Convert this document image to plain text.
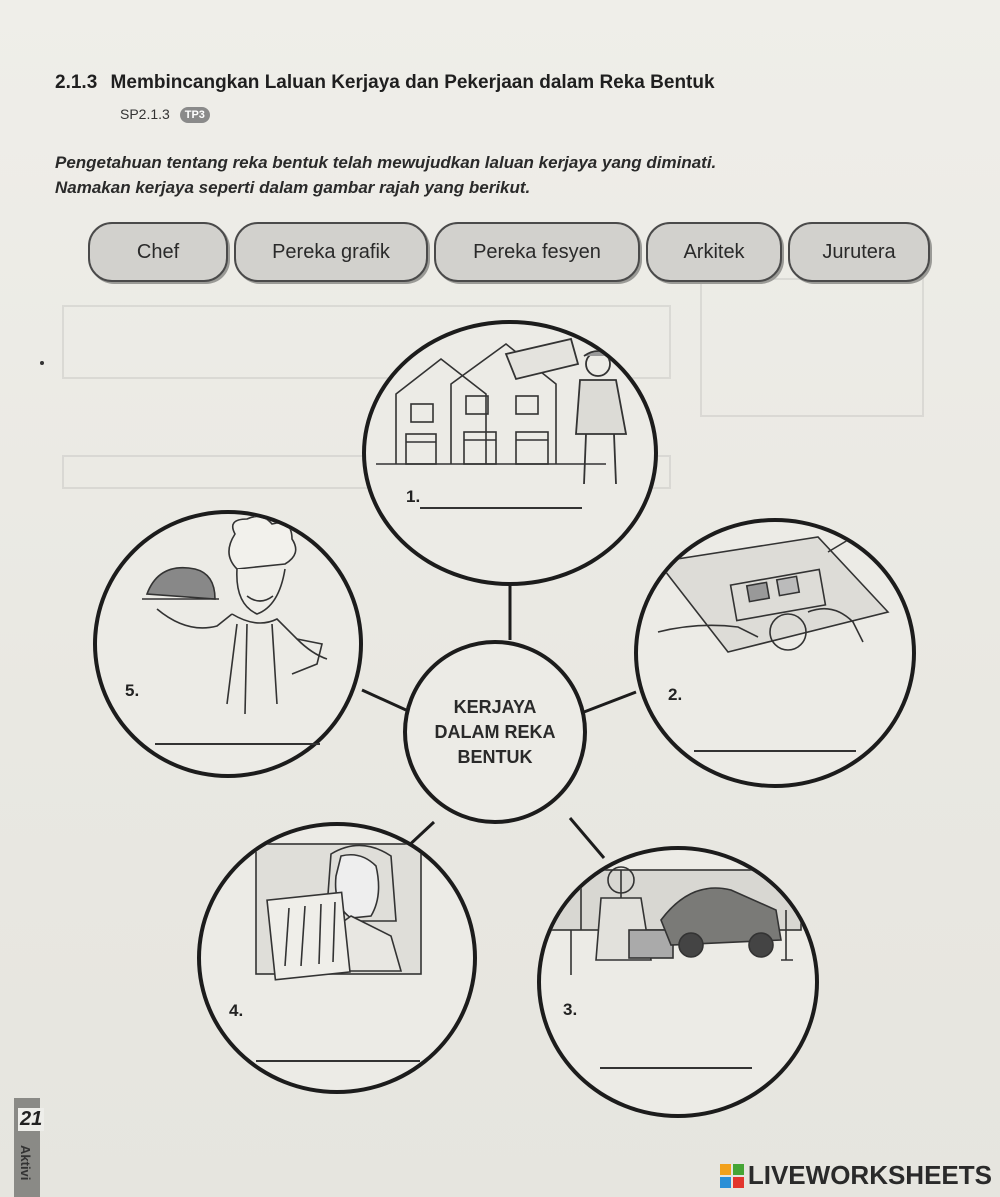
2.1.3 Membincangkan Laluan Kerjaya dan Pekerjaan dalam Reka Bentuk
SP2.1.3 TP3
Pengetahuan tentang reka bentuk telah mewujudkan laluan kerjaya yang diminati.
Namakan kerjaya seperti dalam gambar rajah yang berikut.
Chef	Pereka grafik	Pereka fesyen	Arkitek	Jurutera
1.
2.
3.
4.
5.
KERJAYA
DALAM REKA
BENTUK
21
Aktivi	LIVEWORKSHEETS
